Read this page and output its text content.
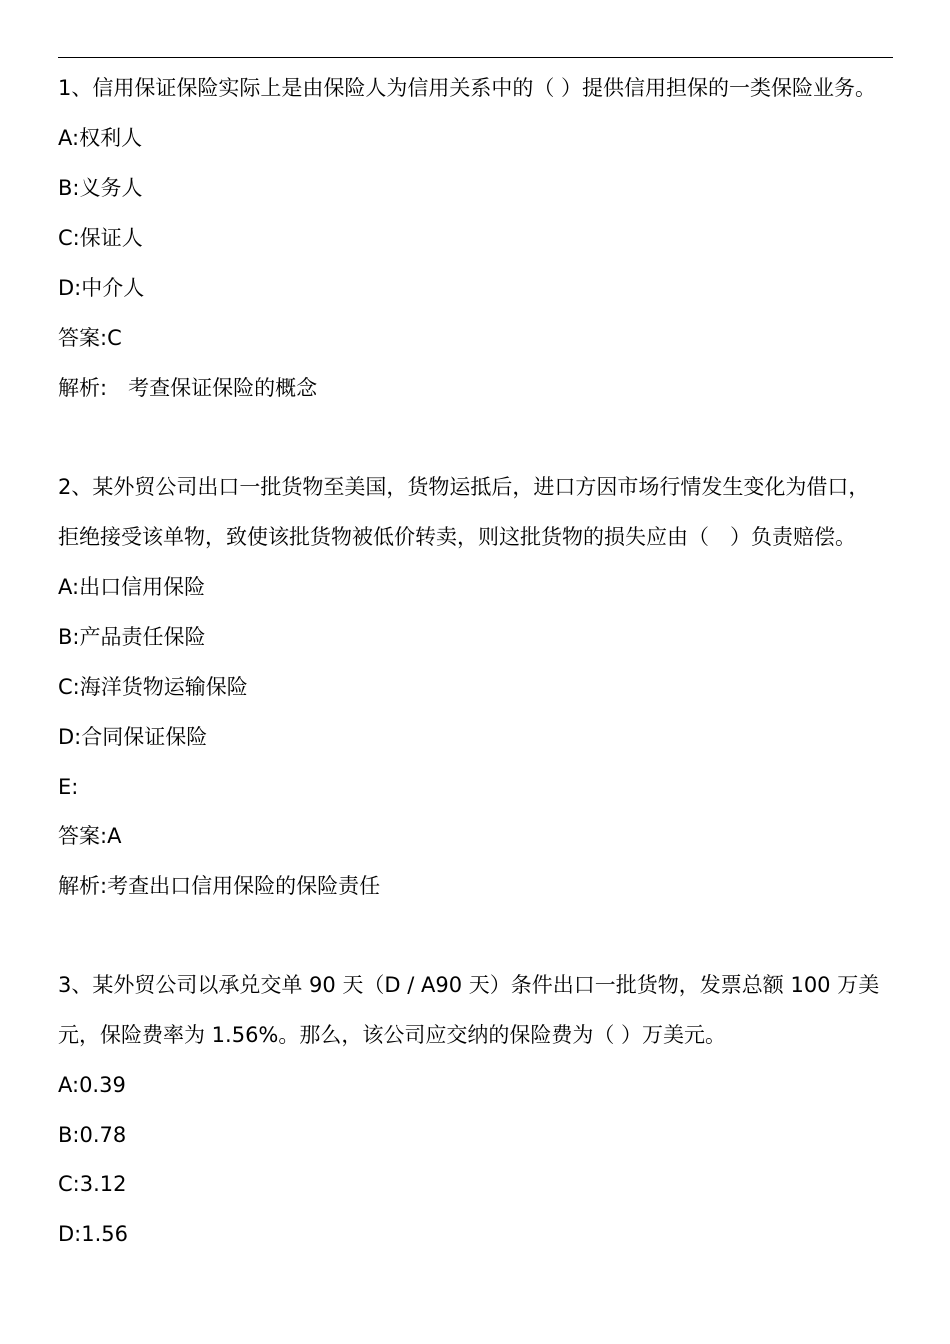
1、信用保证保险实际上是由保险人为信用关系中的（ ）提供信用担保的一类保险业务。
A:权利人
B:义务人
C:保证人
D:中介人
答案:C
解析:　考查保证保险的概念
2、某外贸公司出口一批货物至美国，货物运抵后，进口方因市场行情发生变化为借口，
拒绝接受该单物，致使该批货物被低价转卖，则这批货物的损失应由（　）负责赔偿。
A:出口信用保险
B:产品责任保险
C:海洋货物运输保险
D:合同保证保险
E:
答案:A
解析:考查出口信用保险的保险责任
3、某外贸公司以承兑交单 90 天（D / A90 天）条件出口一批货物，发票总额 100 万美
元，保险费率为 1.56%。那么，该公司应交纳的保险费为（ ）万美元。
A:0.39
B:0.78
C:3.12
D:1.56
